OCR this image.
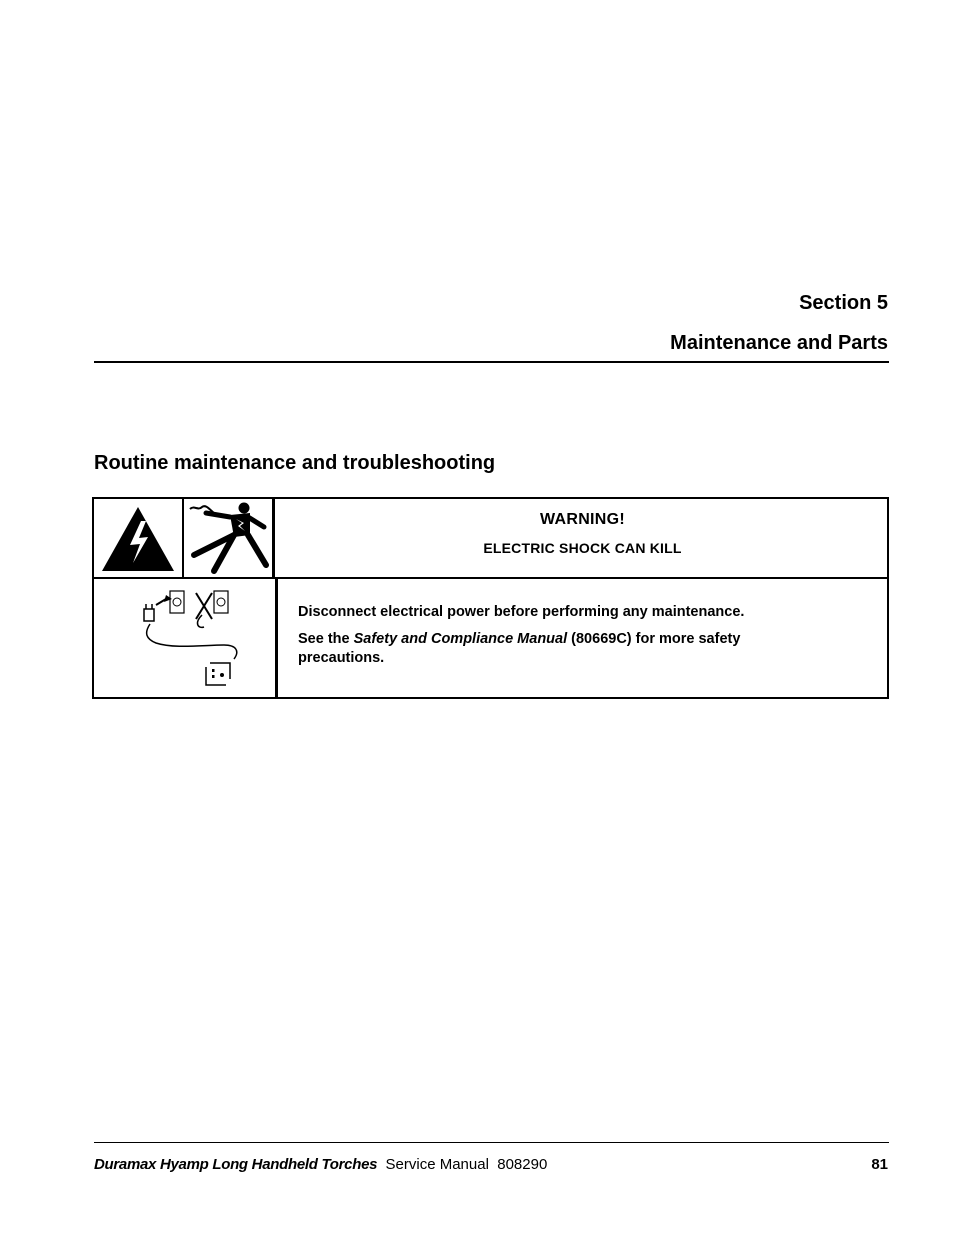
Section 5

Maintenance and Parts

Routine maintenance and troubleshooting

WARNING!

ELECTRIC SHOCK CAN KILL

Disconnect electrical power before performing any maintenance.

See the Safety and Compliance Manual (80669C) for more safety precautions.

Duramax Hyamp Long Handheld Torches Service Manual 808290	81
